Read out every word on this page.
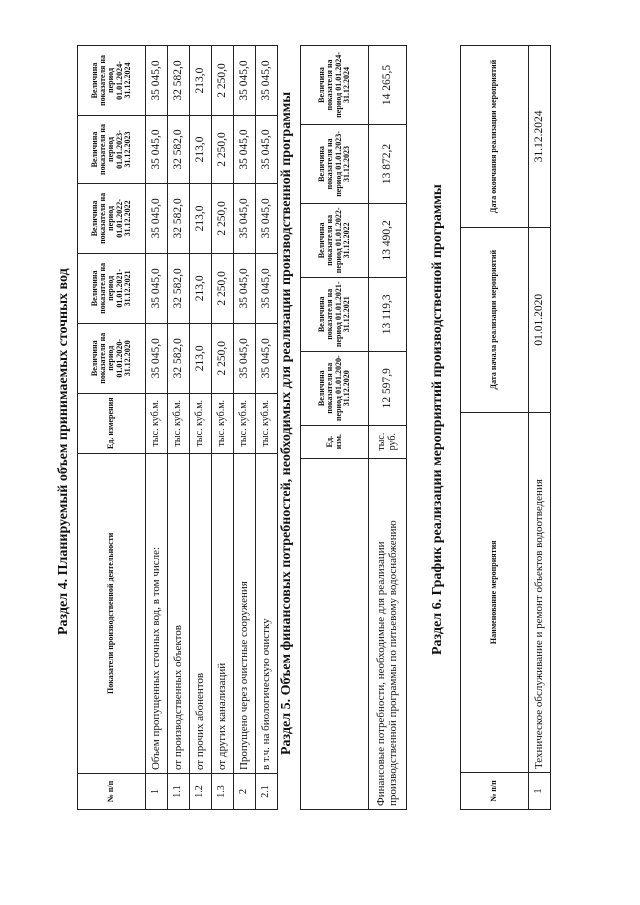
Раздел 4. Планируемый объем принимаемых сточных вод
№ п/п	Показатели производственной деятельности	Ед. измерения	Величина показателя на период 01.01.2020-31.12.2020	Величина показателя на период 01.01.2021-31.12.2021	Величина показателя на период 01.01.2022-31.12.2022	Величина показателя на период 01.01.2023-31.12.2023	Величина показателя на период 01.01.2024-31.12.2024
1	Объем пропущенных сточных вод, в том числе:	тыс. куб.м.	35 045,0	35 045,0	35 045,0	35 045,0	35 045,0
1.1	от производственных объектов	тыс. куб.м.	32 582,0	32 582,0	32 582,0	32 582,0	32 582,0
1.2	от прочих абонентов	тыс. куб.м.	213,0	213,0	213,0	213,0	213,0
1.3	от других канализаций	тыс. куб.м.	2 250,0	2 250,0	2 250,0	2 250,0	2 250,0
2	Пропущено через очистные сооружения	тыс. куб.м.	35 045,0	35 045,0	35 045,0	35 045,0	35 045,0
2.1	в т.ч. на биологическую очистку	тыс. куб.м.	35 045,0	35 045,0	35 045,0	35 045,0	35 045,0
Раздел 5. Объем финансовых потребностей, необходимых для реализации производственной программы
		Ед. изм.	Величина показателя на период 01.01.2020-31.12.2020	Величина показателя на период 01.01.2021-31.12.2021	Величина показателя на период 01.01.2022-31.12.2022	Величина показателя на период 01.01.2023-31.12.2023	Величина показателя на период 01.01.2024-31.12.2024
Финансовые потребности, необходимые для реализации производственной программы по питьевому водоснабжению	тыс. руб.	12 597,9	13 119,3	13 490,2	13 872,2	14 265,5
Раздел 6. График реализации мероприятий производственной программы
№ п/п	Наименование мероприятия	Дата начала реализации мероприятий	Дата окончания реализации мероприятий
1	Техническое обслуживание и ремонт объектов водоотведения	01.01.2020	31.12.2024
